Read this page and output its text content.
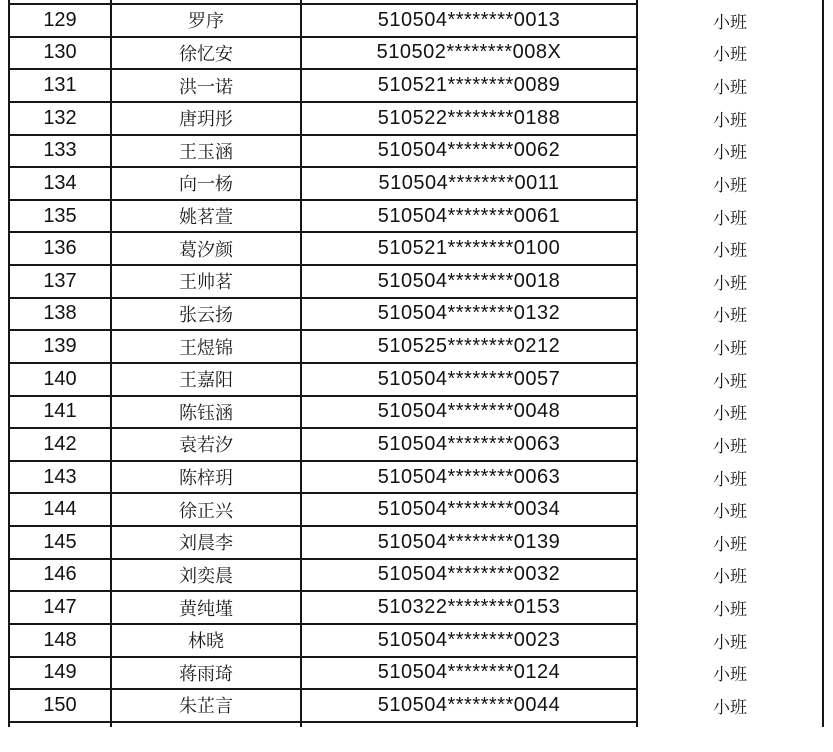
129	罗序	510504********0013	小班
130	徐忆安	510502********008X	小班
131	洪一诺	510521********0089	小班
132	唐玥彤	510522********0188	小班
133	王玉涵	510504********0062	小班
134	向一杨	510504********0011	小班
135	姚茗萱	510504********0061	小班
136	葛汐颜	510521********0100	小班
137	王帅茗	510504********0018	小班
138	张云扬	510504********0132	小班
139	王煜锦	510525********0212	小班
140	王嘉阳	510504********0057	小班
141	陈钰涵	510504********0048	小班
142	袁若汐	510504********0063	小班
143	陈梓玥	510504********0063	小班
144	徐正兴	510504********0034	小班
145	刘晨李	510504********0139	小班
146	刘奕晨	510504********0032	小班
147	黄纯墐	510322********0153	小班
148	林晓	510504********0023	小班
149	蒋雨琦	510504********0124	小班
150	朱芷言	510504********0044	小班
